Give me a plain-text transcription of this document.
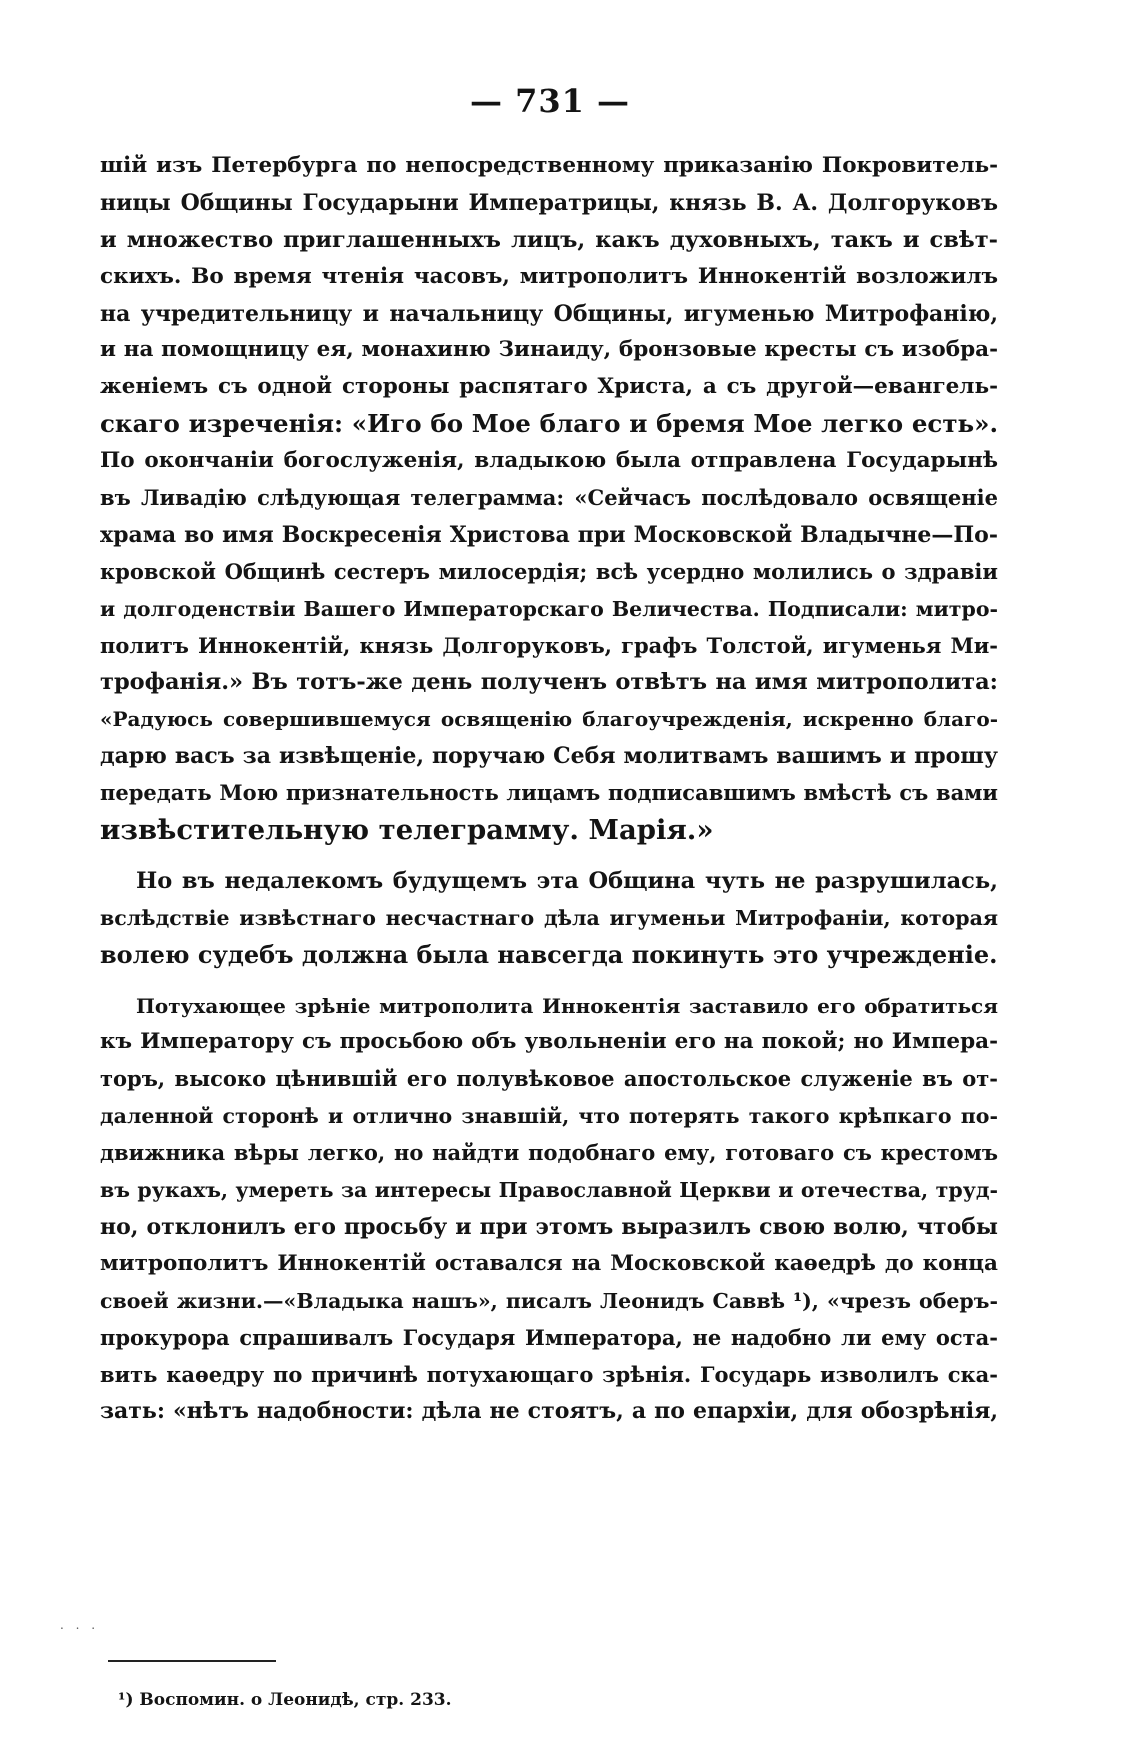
— 731 —
шій изъ Петербурга по непосредственному приказанію Покровитель-
ницы Общины Государыни Императрицы, князь В. А. Долгоруковъ
и множество приглашенныхъ лицъ, какъ духовныхъ, такъ и свѣт-
скихъ. Во время чтенія часовъ, митрополитъ Иннокентій возложилъ
на учредительницу и начальницу Общины, игуменью Митрофанію,
и на помощницу ея, монахиню Зинаиду, бронзовые кресты съ изобра-
женіемъ съ одной стороны распятаго Христа, а съ другой—евангель-
скаго изреченія: «Иго бо Мое благо и бремя Мое легко есть».
По окончаніи богослуженія, владыкою была отправлена Государынѣ
въ Ливадію слѣдующая телеграмма: «Сейчасъ послѣдовало освященіе
храма во имя Воскресенія Христова при Московской Владычне—По-
кровской Общинѣ сестеръ милосердія; всѣ усердно молились о здравіи
и долгоденствіи Вашего Императорскаго Величества. Подписали: митро-
политъ Иннокентій, князь Долгоруковъ, графъ Толстой, игуменья Ми-
трофанія.» Въ тотъ-же день полученъ отвѣтъ на имя митрополита:
«Радуюсь совершившемуся освященію благоучрежденія, искренно благо-
дарю васъ за извѣщеніе, поручаю Себя молитвамъ вашимъ и прошу
передать Мою признательность лицамъ подписавшимъ вмѣстѣ съ вами
извѣстительную телеграмму. Марія.»
Но въ недалекомъ будущемъ эта Община чуть не разрушилась,
вслѣдствіе извѣстнаго несчастнаго дѣла игуменьи Митрофаніи, которая
волею судебъ должна была навсегда покинуть это учрежденіе.
Потухающее зрѣніе митрополита Иннокентія заставило его обратиться
къ Императору съ просьбою объ увольненіи его на покой; но Импера-
торъ, высоко цѣнившій его полувѣковое апостольское служеніе въ от-
даленной сторонѣ и отлично знавшій, что потерять такого крѣпкаго по-
движника вѣры легко, но найдти подобнаго ему, готоваго съ крестомъ
въ рукахъ, умереть за интересы Православной Церкви и отечества, труд-
но, отклонилъ его просьбу и при этомъ выразилъ свою волю, чтобы
митрополитъ Иннокентій оставался на Московской каѳедрѣ до конца
своей жизни.—«Владыка нашъ», писалъ Леонидъ Саввѣ ¹), «чрезъ оберъ-
прокурора спрашивалъ Государя Императора, не надобно ли ему оста-
вить каѳедру по причинѣ потухающаго зрѣнія. Государь изволилъ ска-
зать: «нѣтъ надобности: дѣла не стоятъ, а по епархіи, для обозрѣнія,
. . .
¹) Воспомин. о Леонидѣ, стр. 233.
